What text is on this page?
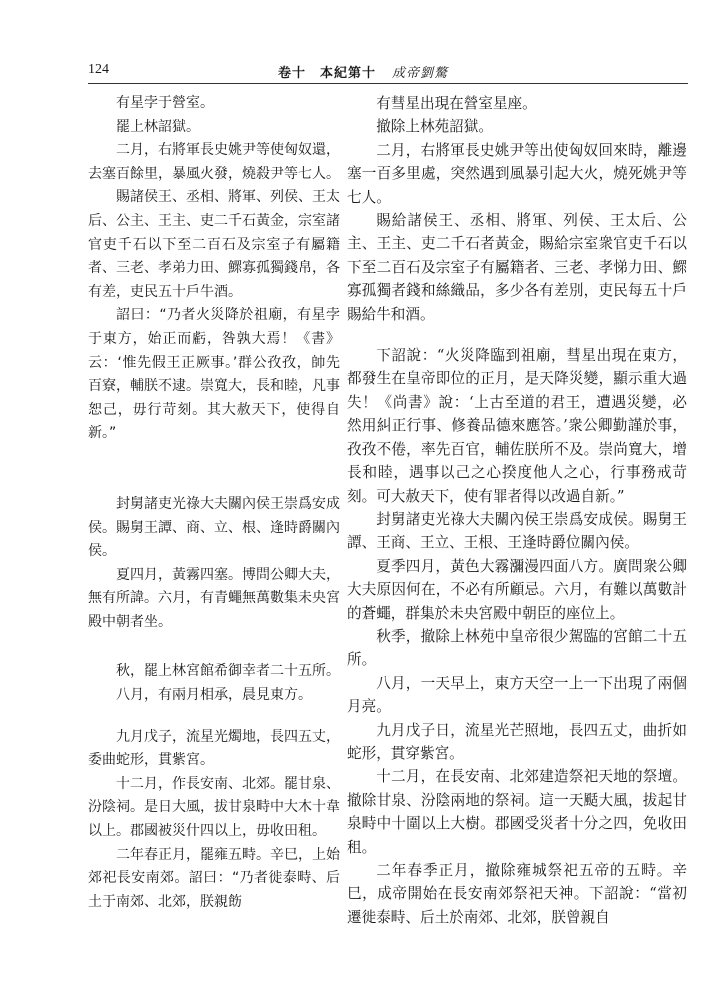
124	卷十　本紀第十 成帝劉驁

有星孛于營室。

罷上林詔獄。

二月，右將軍長史姚尹等使匈奴還，去塞百餘里，暴風火發，燒殺尹等七人。

賜諸侯王、丞相、將軍、列侯、王太后、公主、王主、吏二千石黃金，宗室諸官吏千石以下至二百石及宗室子有屬籍者、三老、孝弟力田、鰥寡孤獨錢帛，各有差，吏民五十戶牛酒。

詔曰：“乃者火災降於祖廟，有星孛于東方，始正而虧，咎孰大焉！《書》云：‘惟先假王正厥事。’群公孜孜，帥先百寮，輔朕不逮。崇寬大，長和睦，凡事恕己，毋行苛刻。其大赦天下，使得自新。”

封舅諸吏光祿大夫關內侯王崇爲安成侯。賜舅王譚、商、立、根、逢時爵關內侯。

夏四月，黃霧四塞。博問公卿大夫，無有所諱。六月，有青蠅無萬數集未央宮殿中朝者坐。

秋，罷上林宮館希御幸者二十五所。

八月，有兩月相承，晨見東方。

九月戊子，流星光燭地，長四五丈，委曲蛇形，貫紫宮。

十二月，作長安南、北郊。罷甘泉、汾陰祠。是日大風，拔甘泉畤中大木十韋以上。郡國被災什四以上，毋收田租。

二年春正月，罷雍五畤。辛巳，上始郊祀長安南郊。詔曰：“乃者徙泰畤、后土于南郊、北郊，朕親飭

有彗星出現在營室星座。

撤除上林苑詔獄。

二月，右將軍長史姚尹等出使匈奴回來時，離邊塞一百多里處，突然遇到風暴引起大火，燒死姚尹等七人。

賜給諸侯王、丞相、將軍、列侯、王太后、公主、王主、吏二千石者黃金，賜給宗室衆官吏千石以下至二百石及宗室子有屬籍者、三老、孝悌力田、鰥寡孤獨者錢和絲織品，多少各有差別，吏民每五十戶賜給牛和酒。

下詔說：“火災降臨到祖廟，彗星出現在東方，都發生在皇帝即位的正月，是天降災變，顯示重大過失！《尚書》說：‘上古至道的君王，遭遇災變，必然用糾正行事、修養品德來應答。’衆公卿勤謹於事，孜孜不倦，率先百官，輔佐朕所不及。崇尚寬大，增長和睦，遇事以己之心揆度他人之心，行事務戒苛刻。可大赦天下，使有罪者得以改過自新。”

封舅諸吏光祿大夫關內侯王崇爲安成侯。賜舅王譚、王商、王立、王根、王逢時爵位關內侯。

夏季四月，黃色大霧瀰漫四面八方。廣問衆公卿大夫原因何在，不必有所顧忌。六月，有難以萬數計的蒼蠅，群集於未央宮殿中朝臣的座位上。

秋季，撤除上林苑中皇帝很少駕臨的宮館二十五所。

八月，一天早上，東方天空一上一下出現了兩個月亮。

九月戊子日，流星光芒照地，長四五丈，曲折如蛇形，貫穿紫宮。

十二月，在長安南、北郊建造祭祀天地的祭壇。撤除甘泉、汾陰兩地的祭祠。這一天颳大風，拔起甘泉畤中十圍以上大樹。郡國受災者十分之四，免收田租。

二年春季正月，撤除雍城祭祀五帝的五畤。辛巳，成帝開始在長安南郊祭祀天神。下詔說：“當初遷徙泰畤、后土於南郊、北郊，朕曾親自
